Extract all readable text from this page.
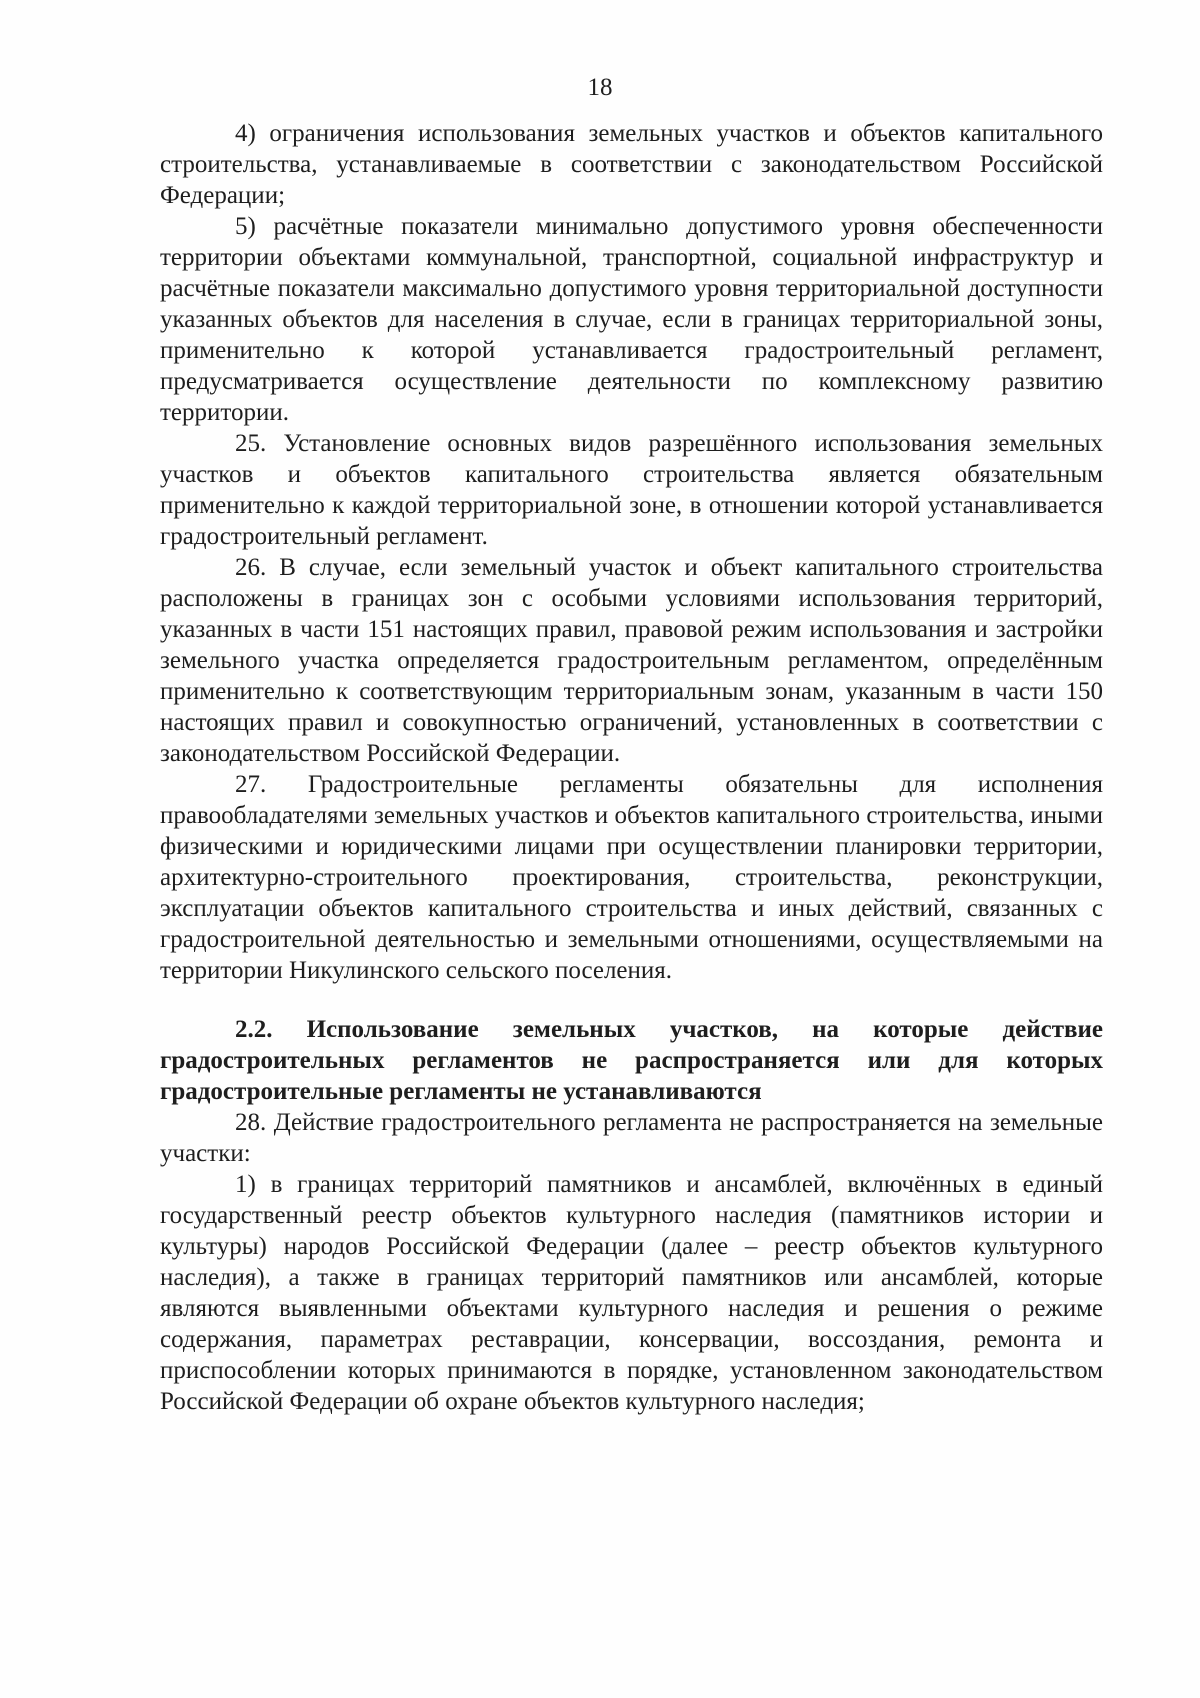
18

4) ограничения использования земельных участков и объектов капитального строительства, устанавливаемые в соответствии с законодательством Российской Федерации;

5) расчётные показатели минимально допустимого уровня обеспеченности территории объектами коммунальной, транспортной, социальной инфраструктур и расчётные показатели максимально допустимого уровня территориальной доступности указанных объектов для населения в случае, если в границах территориальной зоны, применительно к которой устанавливается градостроительный регламент, предусматривается осуществление деятельности по комплексному развитию территории.

25. Установление основных видов разрешённого использования земельных участков и объектов капитального строительства является обязательным применительно к каждой территориальной зоне, в отношении которой устанавливается градостроительный регламент.

26. В случае, если земельный участок и объект капитального строительства расположены в границах зон с особыми условиями использования территорий, указанных в части 151 настоящих правил, правовой режим использования и застройки земельного участка определяется градостроительным регламентом, определённым применительно к соответствующим территориальным зонам, указанным в части 150 настоящих правил и совокупностью ограничений, установленных в соответствии с законодательством Российской Федерации.

27. Градостроительные регламенты обязательны для исполнения правообладателями земельных участков и объектов капитального строительства, иными физическими и юридическими лицами при осуществлении планировки территории, архитектурно-строительного проектирования, строительства, реконструкции, эксплуатации объектов капитального строительства и иных действий, связанных с градостроительной деятельностью и земельными отношениями, осуществляемыми на территории Никулинского сельского поселения.

2.2. Использование земельных участков, на которые действие градостроительных регламентов не распространяется или для которых градостроительные регламенты не устанавливаются

28. Действие градостроительного регламента не распространяется на земельные участки:

1) в границах территорий памятников и ансамблей, включённых в единый государственный реестр объектов культурного наследия (памятников истории и культуры) народов Российской Федерации (далее – реестр объектов культурного наследия), а также в границах территорий памятников или ансамблей, которые являются выявленными объектами культурного наследия и решения о режиме содержания, параметрах реставрации, консервации, воссоздания, ремонта и приспособлении которых принимаются в порядке, установленном законодательством Российской Федерации об охране объектов культурного наследия;
